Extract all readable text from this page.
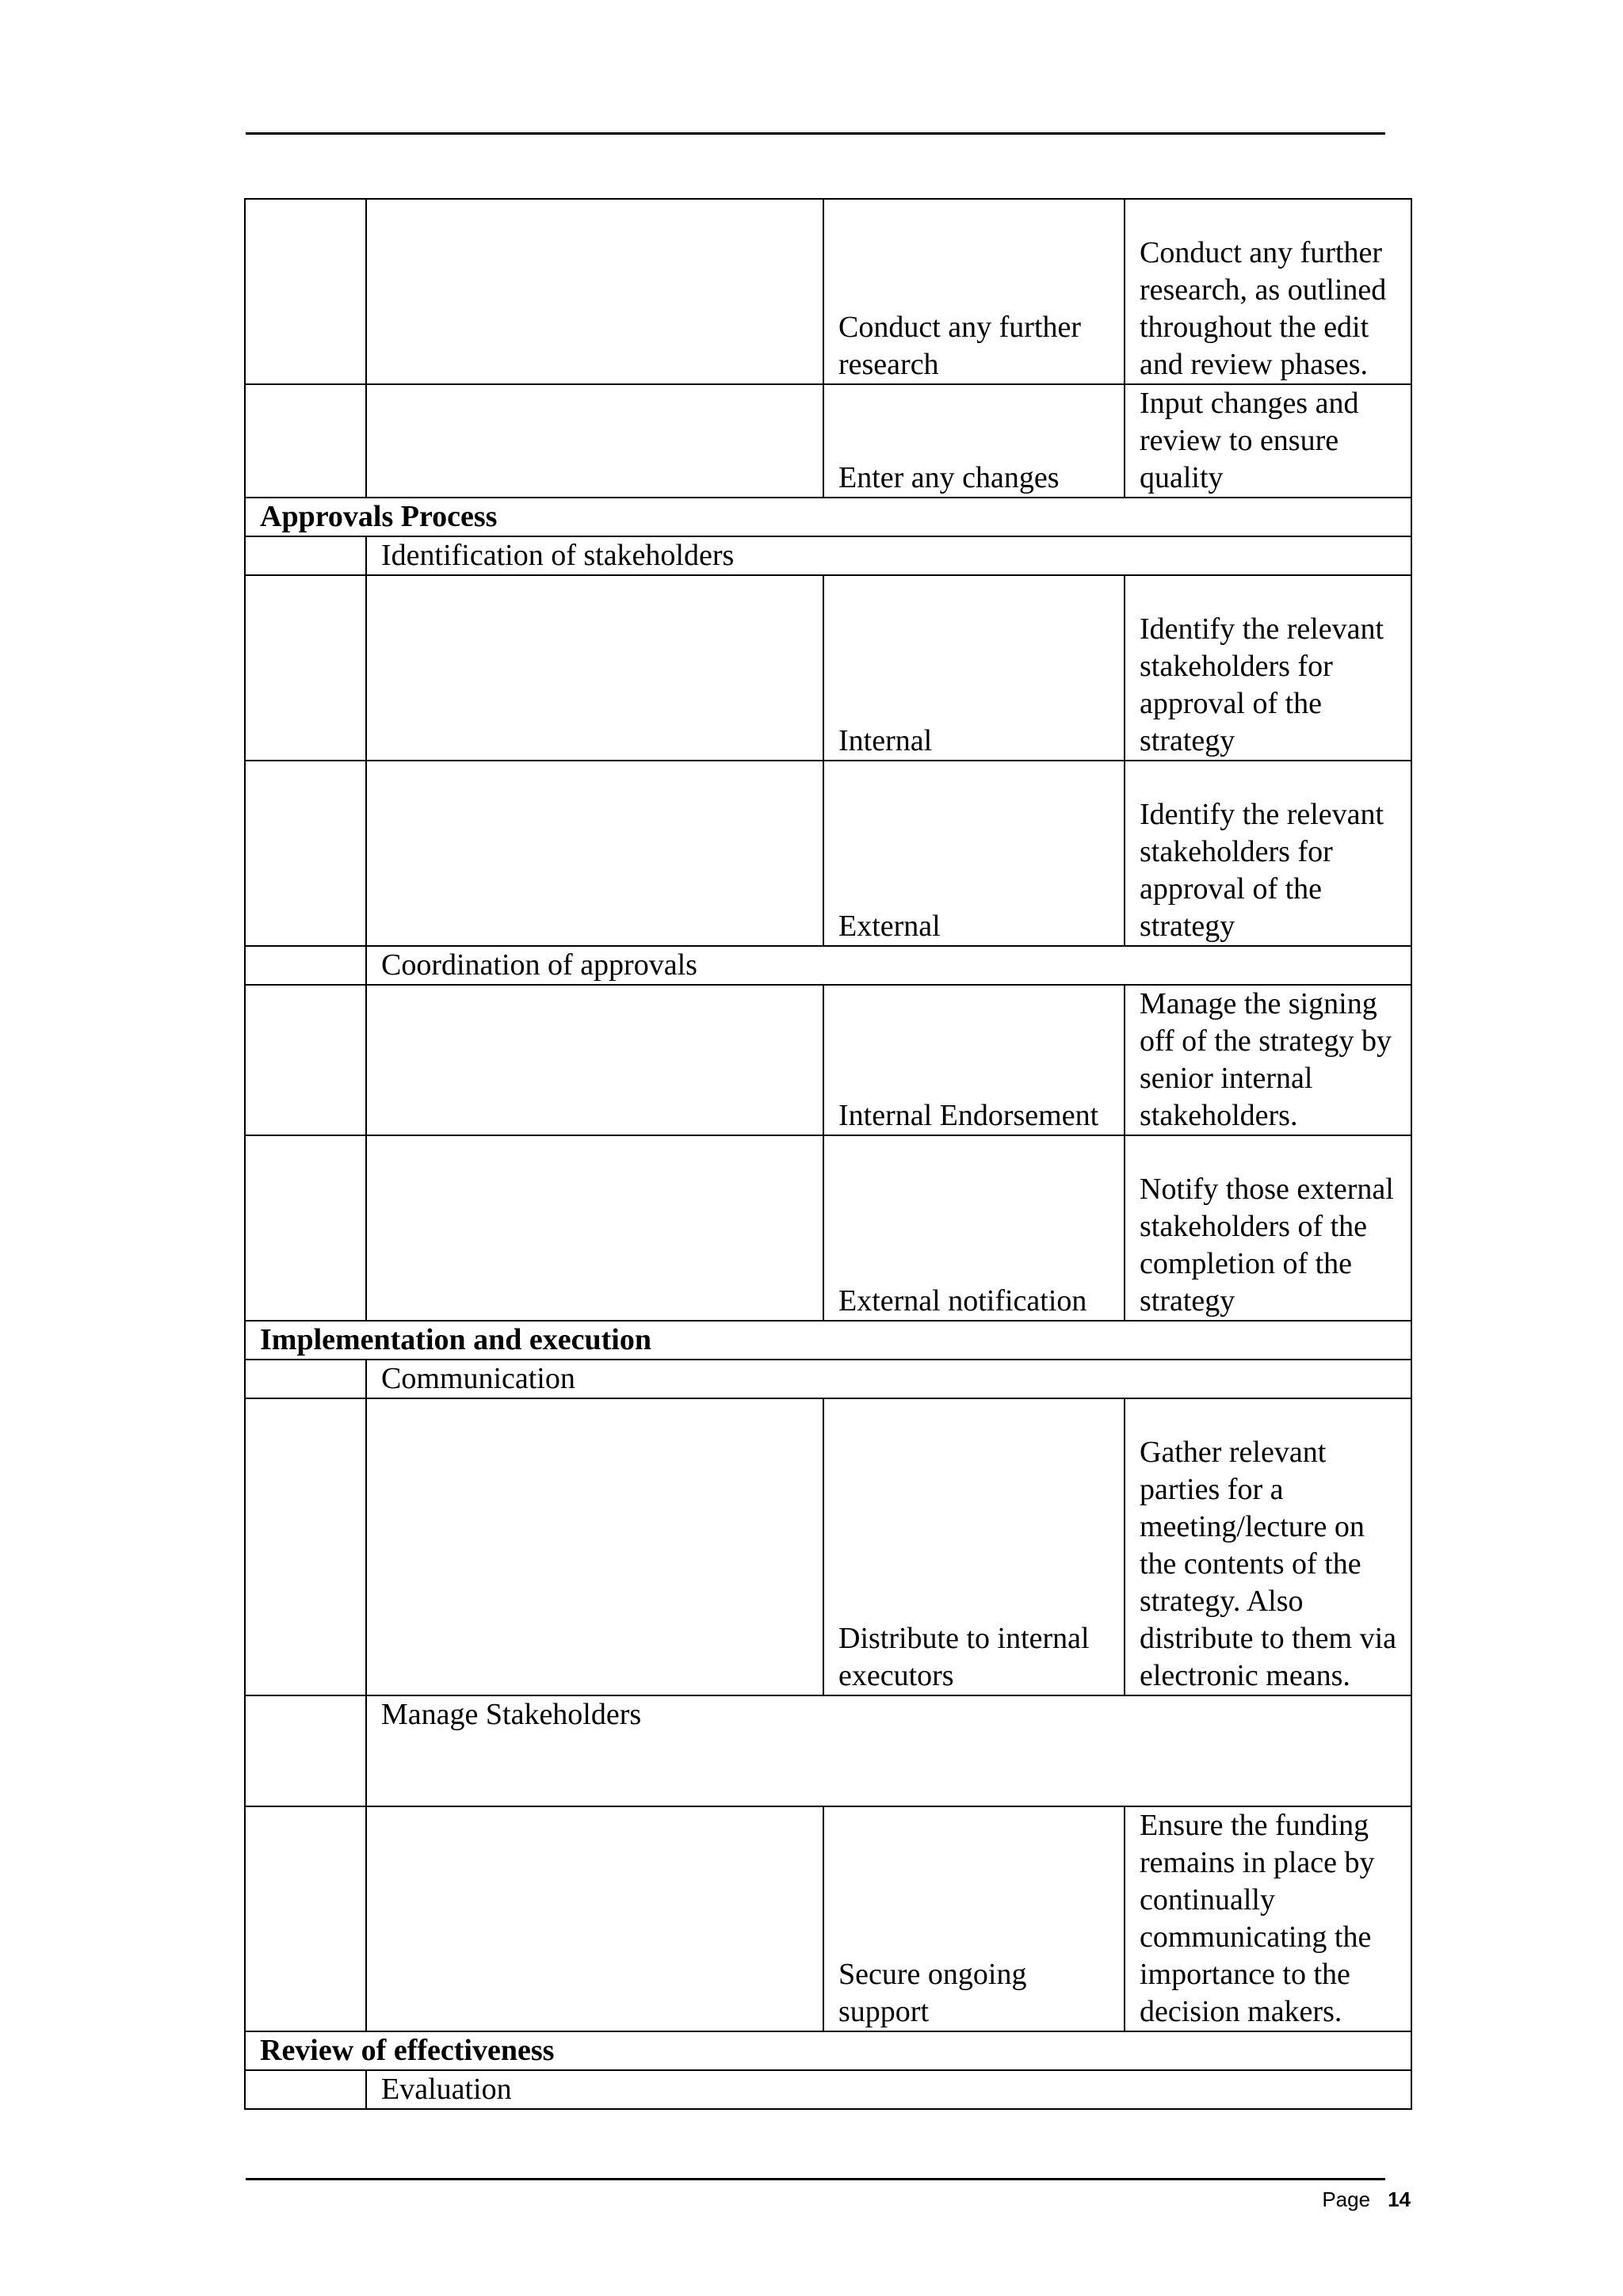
		Conduct any further research	Conduct any further research, as outlined throughout the edit and review phases.
		Enter any changes	Input changes and review to ensure quality
Approvals Process			
	Identification of stakeholders		
		Internal	Identify the relevant stakeholders for approval of the strategy
		External	Identify the relevant stakeholders for approval of the strategy
	Coordination of approvals		
		Internal Endorsement	Manage the signing off of the strategy by senior internal stakeholders.
		External notification	Notify those external stakeholders of the completion of the strategy
Implementation and execution			
	Communication		
		Distribute to internal executors	Gather relevant parties for a meeting/lecture on the contents of the strategy. Also distribute to them via electronic means.
	Manage Stakeholders		
		Secure ongoing support	Ensure the funding remains in place by continually communicating the importance to the decision makers.
Review of effectiveness			
	Evaluation		
Page 14
